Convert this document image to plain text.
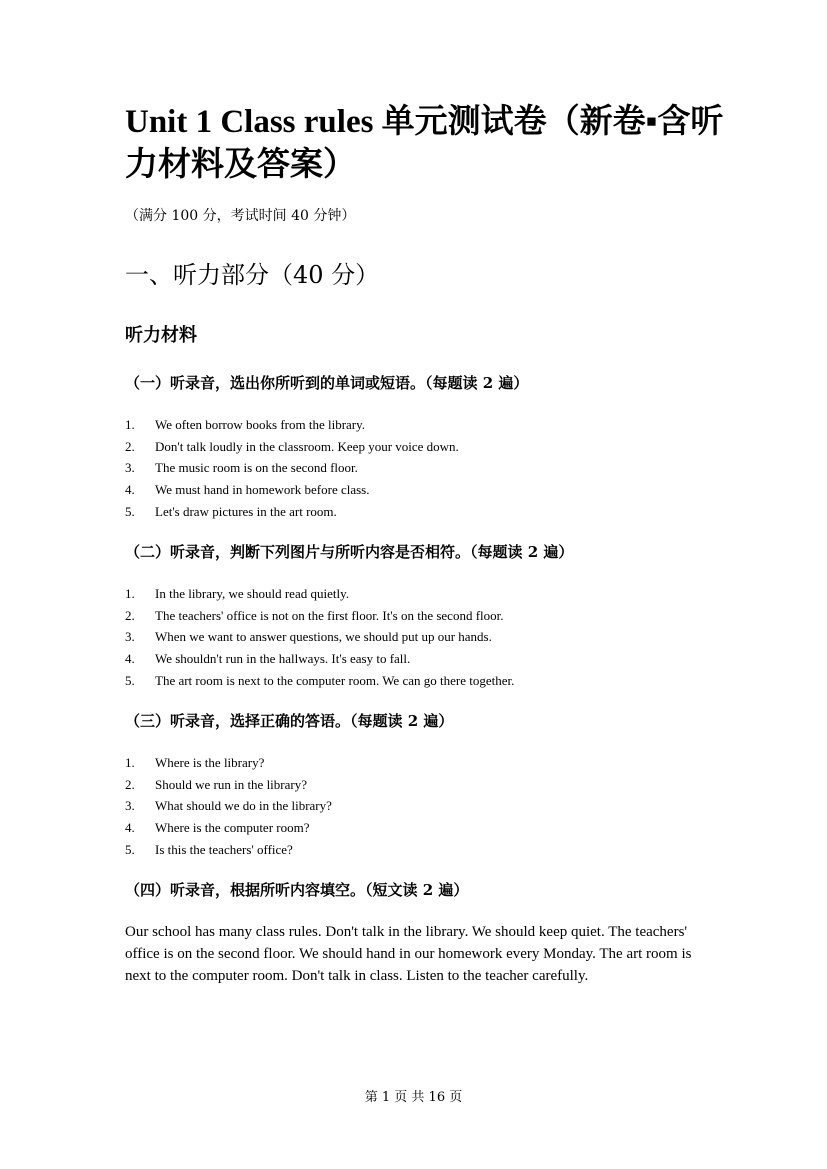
Unit 1 Class rules 单元测试卷（新卷▪含听力材料及答案）
（满分 100 分，考试时间 40 分钟）
一、听力部分（40 分）
听力材料
（一）听录音，选出你所听到的单词或短语。（每题读 2 遍）
1.	We often borrow books from the library.
2.	Don't talk loudly in the classroom. Keep your voice down.
3.	The music room is on the second floor.
4.	We must hand in homework before class.
5.	Let's draw pictures in the art room.
（二）听录音，判断下列图片与所听内容是否相符。（每题读 2 遍）
1.	In the library, we should read quietly.
2.	The teachers' office is not on the first floor. It's on the second floor.
3.	When we want to answer questions, we should put up our hands.
4.	We shouldn't run in the hallways. It's easy to fall.
5.	The art room is next to the computer room. We can go there together.
（三）听录音，选择正确的答语。（每题读 2 遍）
1.	Where is the library?
2.	Should we run in the library?
3.	What should we do in the library?
4.	Where is the computer room?
5.	Is this the teachers' office?
（四）听录音，根据所听内容填空。（短文读 2 遍）
Our school has many class rules. Don't talk in the library. We should keep quiet. The teachers' office is on the second floor. We should hand in our homework every Monday. The art room is next to the computer room. Don't talk in class. Listen to the teacher carefully.
第 1 页 共 16 页
